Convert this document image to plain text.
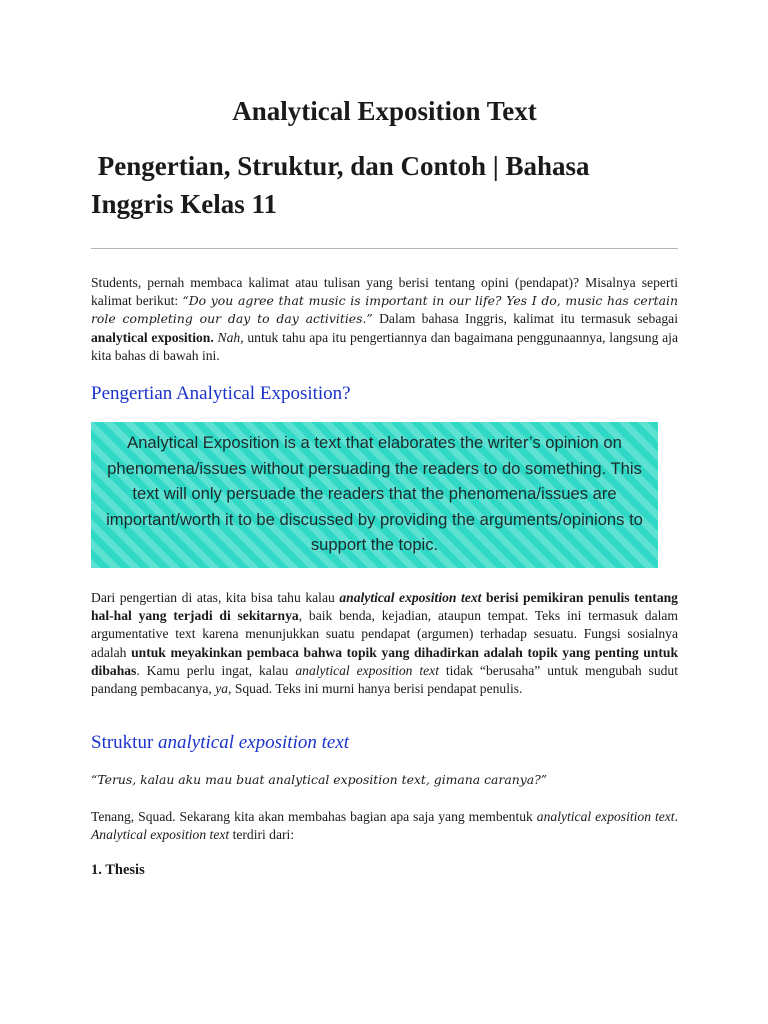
Analytical Exposition Text
Pengertian, Struktur, dan Contoh | Bahasa Inggris Kelas 11

Students, pernah membaca kalimat atau tulisan yang berisi tentang opini (pendapat)? Misalnya seperti kalimat berikut: “Do you agree that music is important in our life? Yes I do, music has certain role completing our day to day activities.” Dalam bahasa Inggris, kalimat itu termasuk sebagai analytical exposition. Nah, untuk tahu apa itu pengertiannya dan bagaimana penggunaannya, langsung aja kita bahas di bawah ini.

Pengertian Analytical Exposition?

Analytical Exposition is a text that elaborates the writer’s opinion on phenomena/issues without persuading the readers to do something. This text will only persuade the readers that the phenomena/issues are important/worth it to be discussed by providing the arguments/opinions to support the topic.

Dari pengertian di atas, kita bisa tahu kalau analytical exposition text berisi pemikiran penulis tentang hal-hal yang terjadi di sekitarnya, baik benda, kejadian, ataupun tempat. Teks ini termasuk dalam argumentative text karena menunjukkan suatu pendapat (argumen) terhadap sesuatu. Fungsi sosialnya adalah untuk meyakinkan pembaca bahwa topik yang dihadirkan adalah topik yang penting untuk dibahas. Kamu perlu ingat, kalau analytical exposition text tidak “berusaha” untuk mengubah sudut pandang pembacanya, ya, Squad. Teks ini murni hanya berisi pendapat penulis.

Struktur analytical exposition text

“Terus, kalau aku mau buat analytical exposition text, gimana caranya?”

Tenang, Squad. Sekarang kita akan membahas bagian apa saja yang membentuk analytical exposition text. Analytical exposition text terdiri dari:

1. Thesis
